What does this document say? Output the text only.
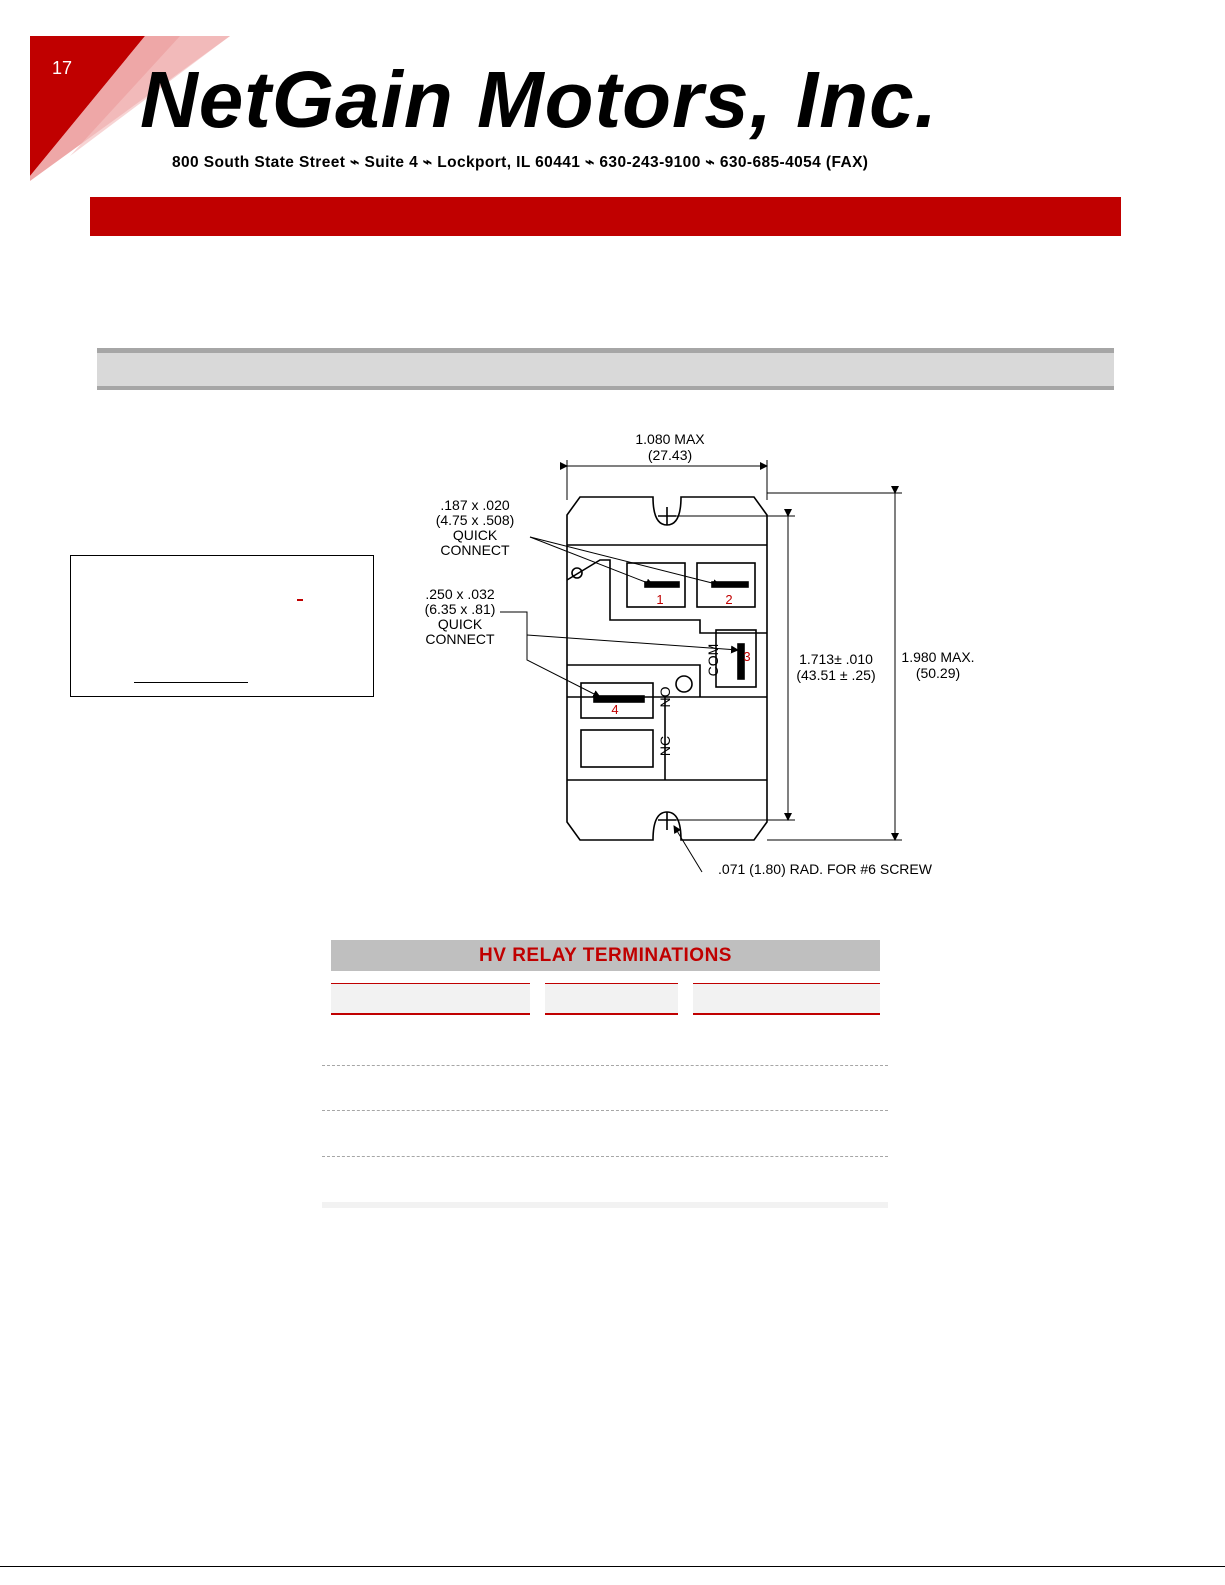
17 NetGain Motors, Inc.
800 South State Street ⌁ Suite 4 ⌁ Lockport, IL 60441 ⌁ 630-243-9100 ⌁ 630-685-4054 (FAX)
1.080 MAX
(27.43)
.187 x .020
(4.75 x .508)
QUICK
CONNECT
.250 x .032
(6.35 x .81)
QUICK
CONNECT
1.713± .010
(43.51 ± .25)
1.980 MAX.
(50.29)
.071 (1.80) RAD. FOR #6 SCREW
COM
NO
NC
1	2
3
4
HV RELAY TERMINATIONS
